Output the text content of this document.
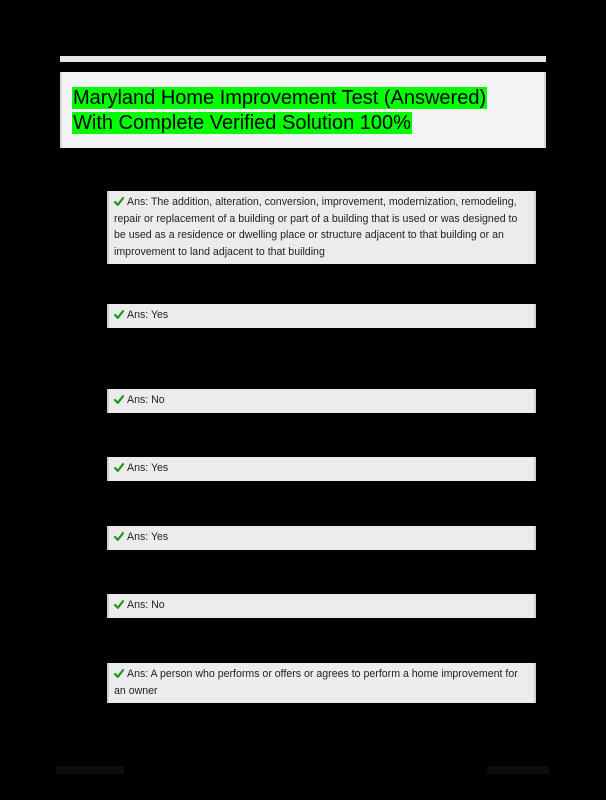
Maryland Home Improvement Test (Answered)
With Complete Verified Solution 100%
Ans: The addition, alteration, conversion, improvement, modernization, remodeling, repair or replacement of a building or part of a building that is used or was designed to be used as a residence or dwelling place or structure adjacent to that building or an improvement to land adjacent to that building
Ans: Yes
Ans: No
Ans: Yes
Ans: Yes
Ans: No
Ans: A person who performs or offers or agrees to perform a home improvement for an owner
